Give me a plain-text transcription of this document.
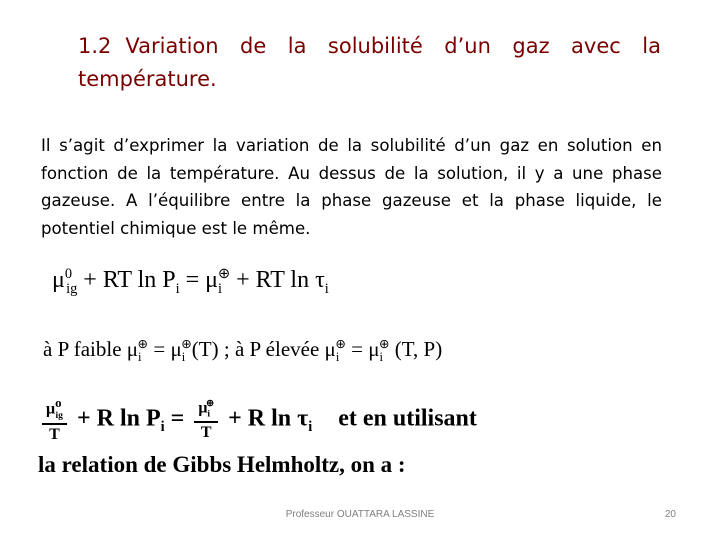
1.2 Variation de la solubilité d’un gaz avec la température.
Il s’agit d’exprimer la variation de la solubilité d’un gaz en solution en fonction de la température. Au dessus de la solution, il y a une phase gazeuse. A l’équilibre entre la phase gazeuse et la phase liquide, le potentiel chimique est le même.
$\mu^0_{ig}$ + RT $\ln P_i = \mu_i^\oplus$ + RT $\ln \tau_i$
à P faible $\mu_i^\oplus = \mu_i^\oplus(T)$ ; à P élevée $\mu_i^\oplus = \mu_i^\oplus$ (T, P)
$\frac{\mu^o_{ig}}{T} + R$ $\ln P_i = \frac{\mu_i^\oplus}{T} + R$ $\ln \tau_i$ et en utilisant
la relation de Gibbs Helmholtz, on a :
Professeur OUATTARA LASSINE	20
